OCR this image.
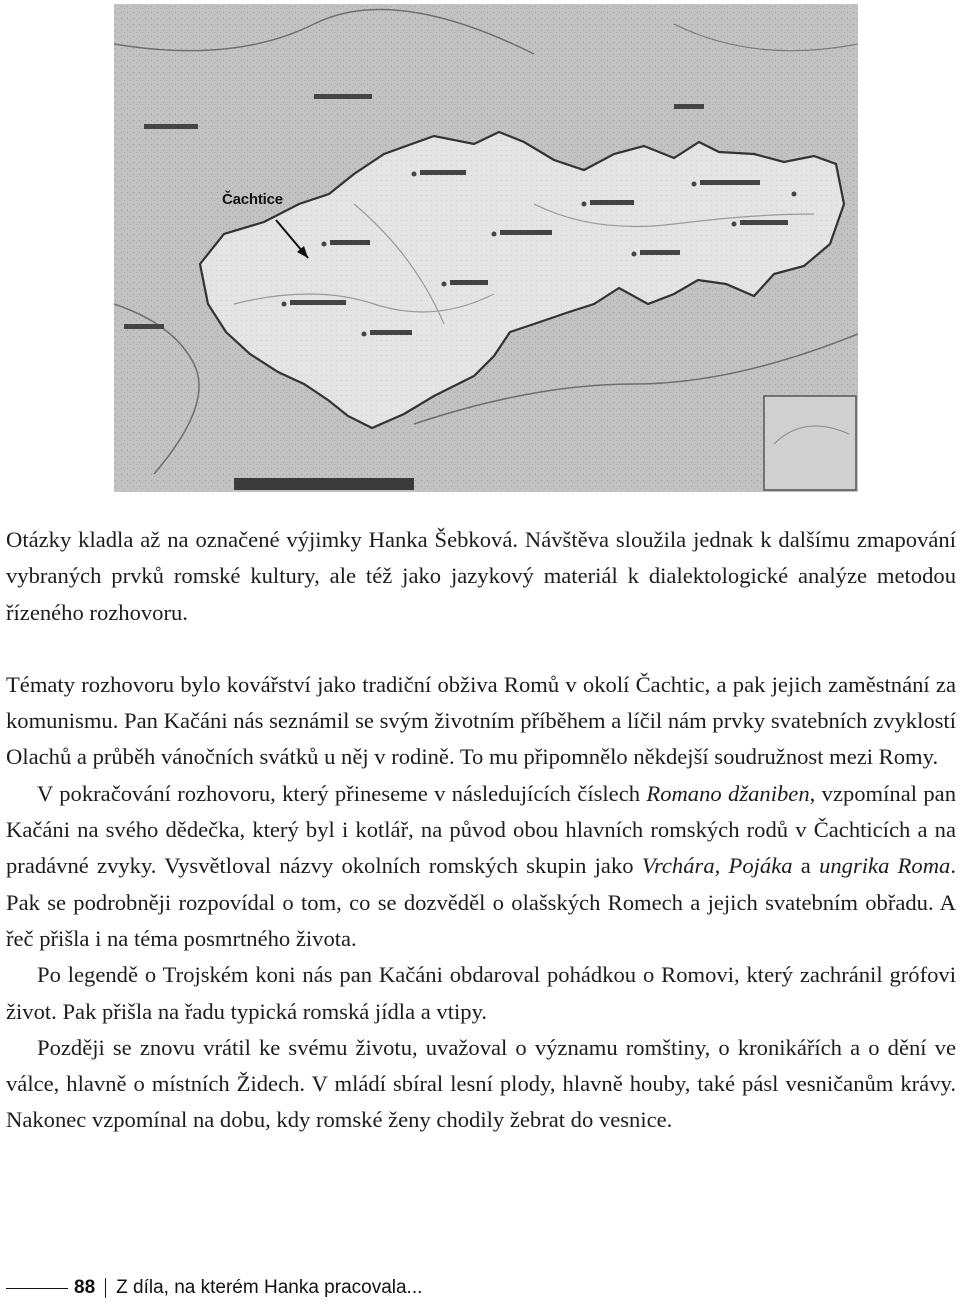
Čachtice

Otázky kladla až na označené výjimky Hanka Šebková. Návštěva sloužila jednak k dalšímu zmapování vybraných prvků romské kultury, ale též jako jazykový materiál k dialektologické analýze metodou řízeného rozhovoru.

Tématy rozhovoru bylo kovářství jako tradiční obživa Romů v okolí Čachtic, a pak jejich zaměstnání za komunismu. Pan Kačáni nás seznámil se svým životním příběhem a líčil nám prvky svatebních zvyklostí Olachů a průběh vánočních svátků u něj v rodině. To mu připomnělo někdejší soudružnost mezi Romy.

V pokračování rozhovoru, který přineseme v následujících číslech Romano džaniben, vzpomínal pan Kačáni na svého dědečka, který byl i kotlář, na původ obou hlavních romských rodů v Čachticích a na pradávné zvyky. Vysvětloval názvy okolních romských skupin jako Vrchára, Pojáka a ungrika Roma. Pak se podrobněji rozpovídal o tom, co se dozvěděl o olašských Romech a jejich svatebním obřadu. A řeč přišla i na téma posmrtného života.

Po legendě o Trojském koni nás pan Kačáni obdaroval pohádkou o Romovi, který zachránil grófovi život. Pak přišla na řadu typická romská jídla a vtipy.

Později se znovu vrátil ke svému životu, uvažoval o významu romštiny, o kronikářích a o dění ve válce, hlavně o místních Židech. V mládí sbíral lesní plody, hlavně houby, také pásl vesničanům krávy. Nakonec vzpomínal na dobu, kdy romské ženy chodily žebrat do vesnice.

88 Z díla, na kterém Hanka pracovala...
